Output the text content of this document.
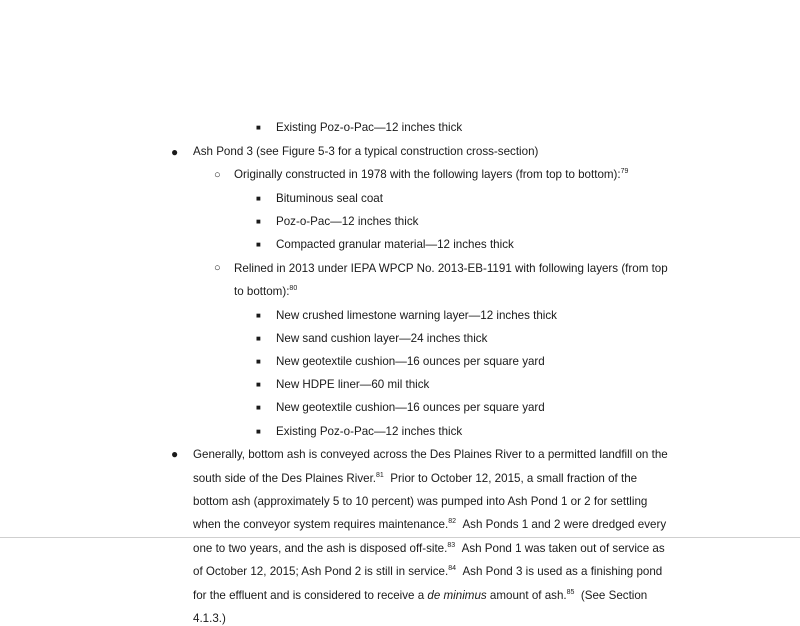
■
●
○
■
■
■
○
■
■
■
■
■
■
●
Existing Poz-o-Pac—12 inches thick
Ash Pond 3 (see Figure 5-3 for a typical construction cross-section)
Originally constructed in 1978 with the following layers (from top to bottom):$^{79}$
Bituminous seal coat
Poz-o-Pac—12 inches thick
Compacted granular material—12 inches thick
Relined in 2013 under IEPA WPCP No. 2013-EB-1191 with following layers (from top
to bottom):$^{80}$
New crushed limestone warning layer—12 inches thick
New sand cushion layer—24 inches thick
New geotextile cushion—16 ounces per square yard
New HDPE liner—60 mil thick
New geotextile cushion—16 ounces per square yard
Existing Poz-o-Pac—12 inches thick
Generally, bottom ash is conveyed across the Des Plaines River to a permitted landfill on the
south side of the Des Plaines River.$^{81}$ Prior to October 12, 2015, a small fraction of the
bottom ash (approximately 5 to 10 percent) was pumped into Ash Pond 1 or 2 for settling
when the conveyor system requires maintenance.$^{82}$ Ash Ponds 1 and 2 were dredged every
one to two years, and the ash is disposed off-site.$^{83}$ Ash Pond 1 was taken out of service as
of October 12, 2015; Ash Pond 2 is still in service.$^{84}$ Ash Pond 3 is used as a finishing pond
for the effluent and is considered to receive a de minimus amount of ash.$^{85}$ (See Section
4.1.3.)
